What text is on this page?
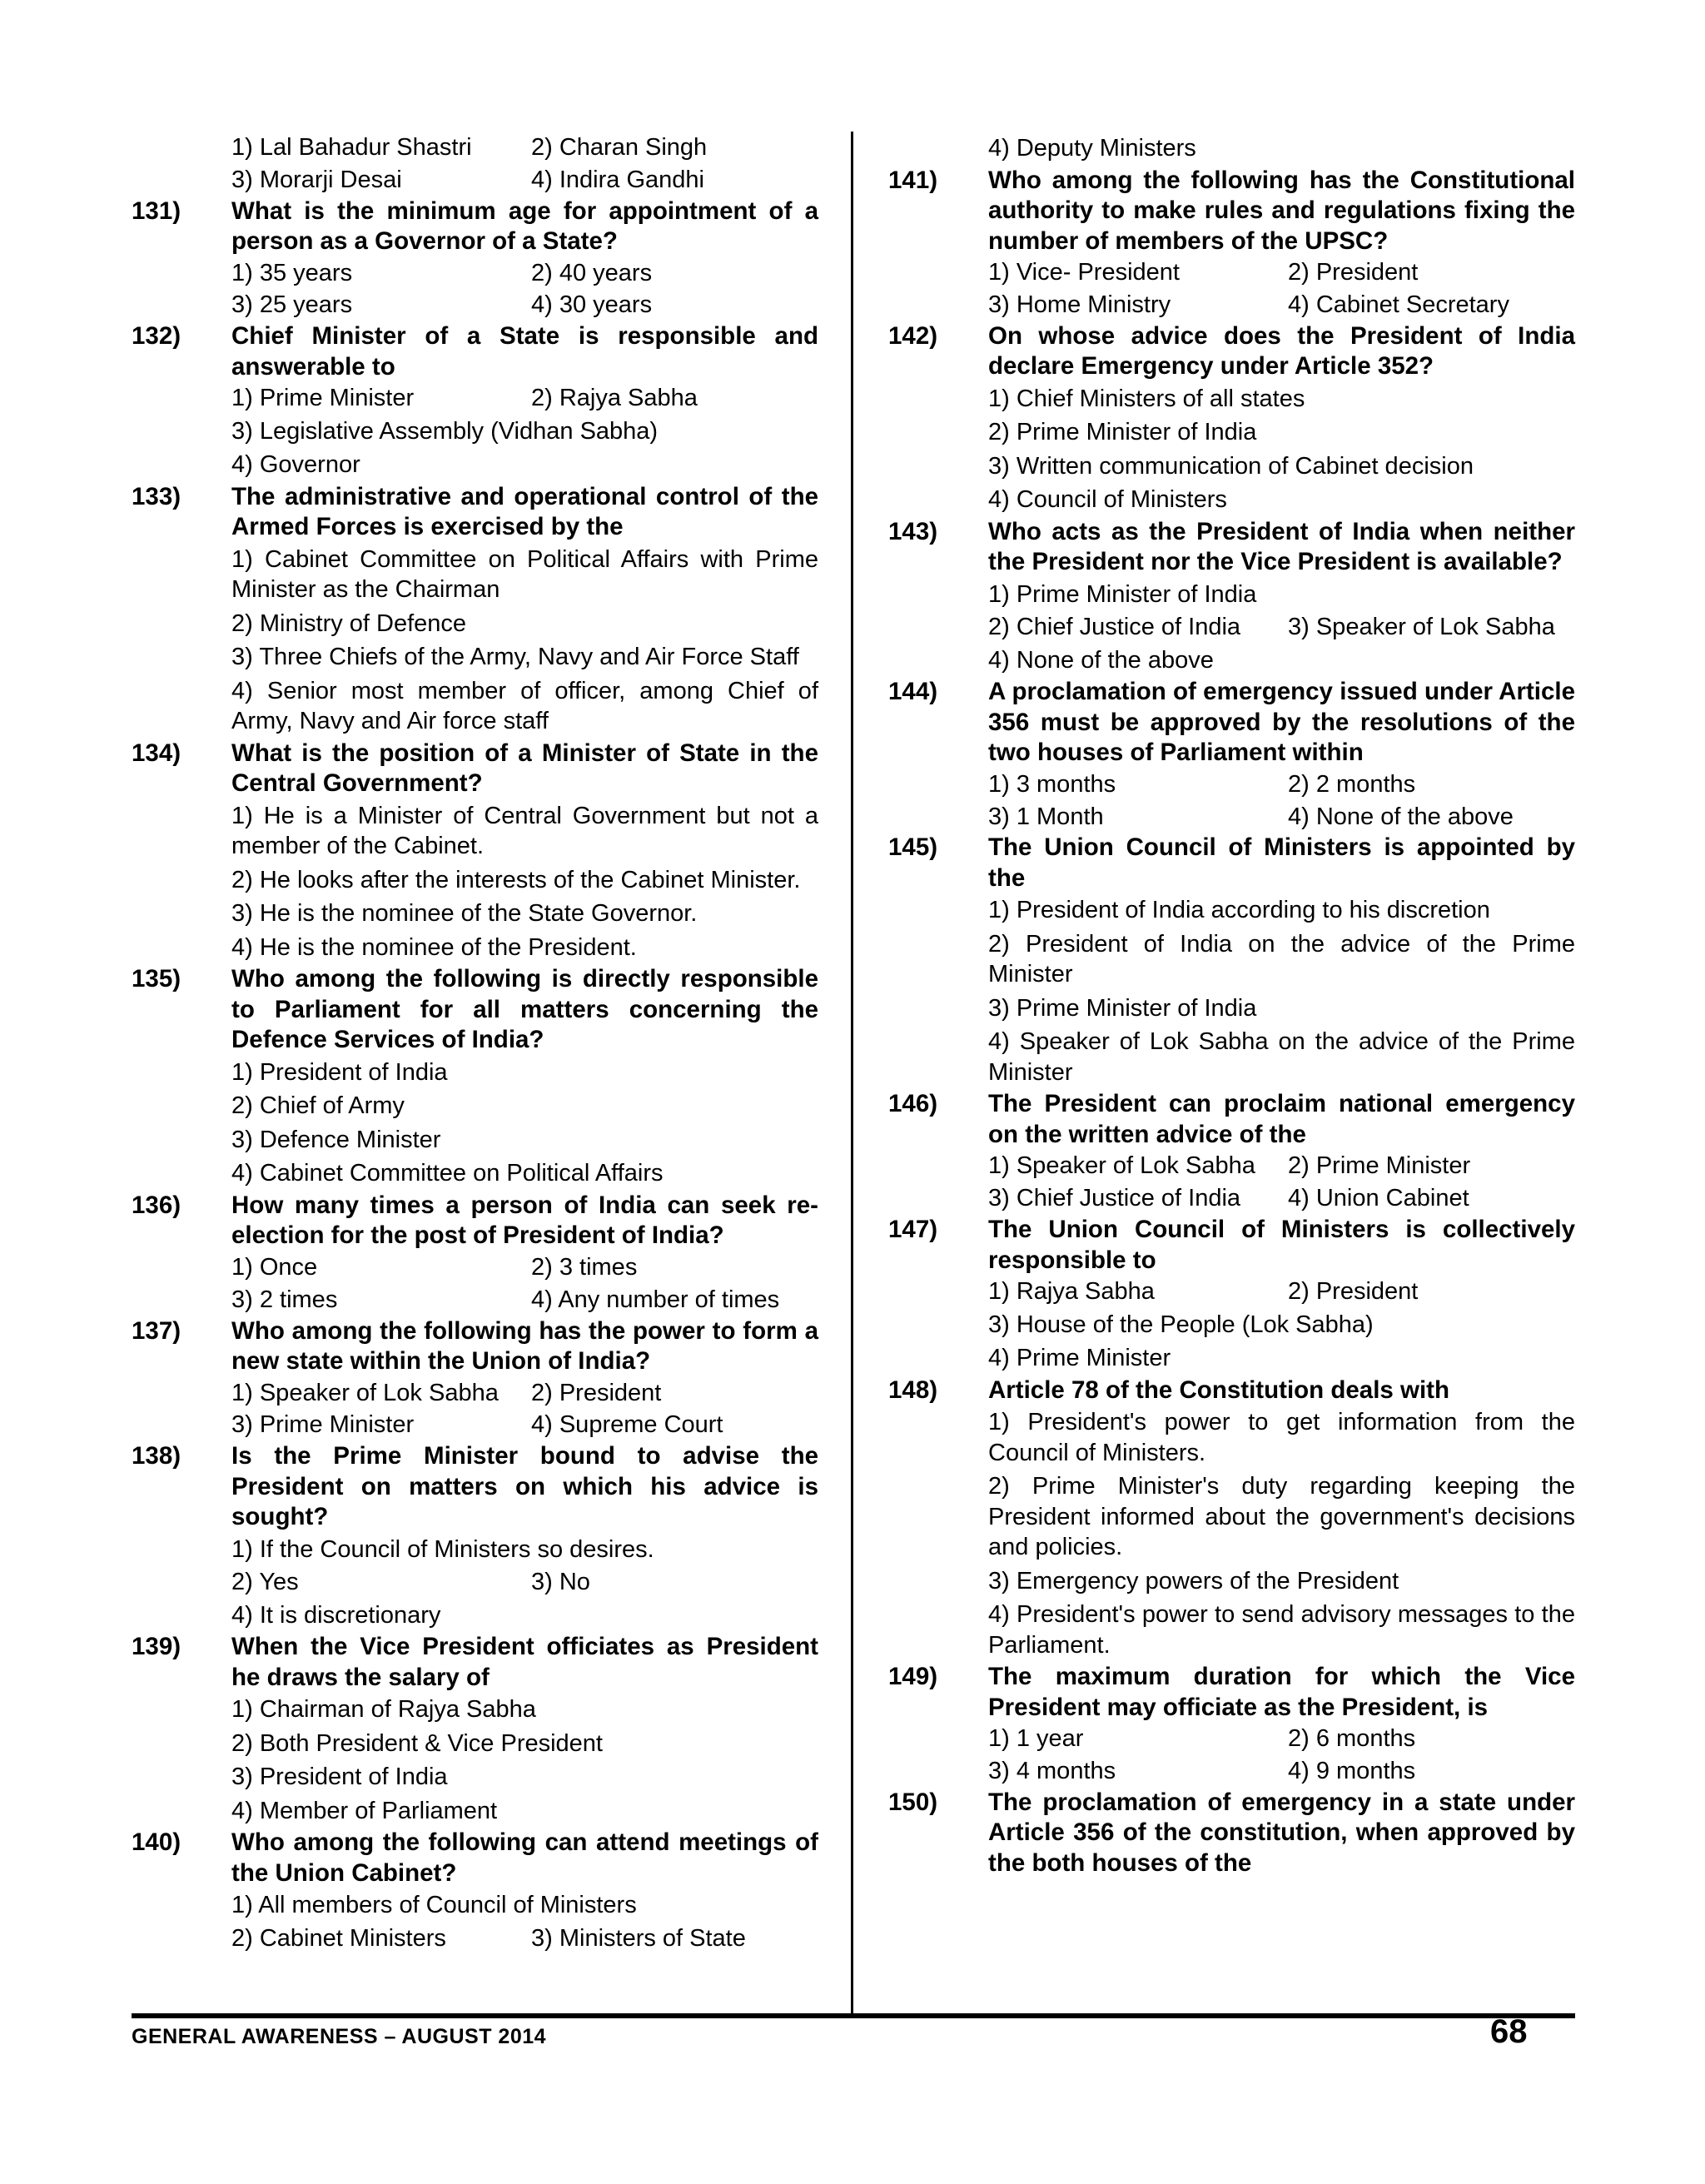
1) Lal Bahadur Shastri	2) Charan Singh
3) Morarji Desai	4) Indira Gandhi
131) What is the minimum age for appointment of a person as a Governor of a State?
1) 35 years	2) 40 years
3) 25 years	4) 30 years
132) Chief Minister of a State is responsible and answerable to
1) Prime Minister	2) Rajya Sabha
3) Legislative Assembly (Vidhan Sabha)
4) Governor
133) The administrative and operational control of the Armed Forces is exercised by the
1) Cabinet Committee on Political Affairs with Prime Minister as the Chairman
2) Ministry of Defence
3) Three Chiefs of the Army, Navy and Air Force Staff
4) Senior most member of officer, among Chief of Army, Navy and Air force staff
134) What is the position of a Minister of State in the Central Government?
1) He is a Minister of Central Government but not a member of the Cabinet.
2) He looks after the interests of the Cabinet Minister.
3) He is the nominee of the State Governor.
4) He is the nominee of the President.
135) Who among the following is directly responsible to Parliament for all matters concerning the Defence Services of India?
1) President of India
2) Chief of Army
3) Defence Minister
4) Cabinet Committee on Political Affairs
136) How many times a person of India can seek re-election for the post of President of India?
1) Once	2) 3 times
3) 2 times	4) Any number of times
137) Who among the following has the power to form a new state within the Union of India?
1) Speaker of Lok Sabha	2) President
3) Prime Minister	4) Supreme Court
138) Is the Prime Minister bound to advise the President on matters on which his advice is sought?
1) If the Council of Ministers so desires.
2) Yes	3) No
4) It is discretionary
139) When the Vice President officiates as President he draws the salary of
1) Chairman of Rajya Sabha
2) Both President & Vice President
3) President of India
4) Member of Parliament
140) Who among the following can attend meetings of the Union Cabinet?
1) All members of Council of Ministers
2) Cabinet Ministers	3) Ministers of State
4) Deputy Ministers
141) Who among the following has the Constitutional authority to make rules and regulations fixing the number of members of the UPSC?
1) Vice- President	2) President
3) Home Ministry	4) Cabinet Secretary
142) On whose advice does the President of India declare Emergency under Article 352?
1) Chief Ministers of all states
2) Prime Minister of India
3) Written communication of Cabinet decision
4) Council of Ministers
143) Who acts as the President of India when neither the President nor the Vice President is available?
1) Prime Minister of India
2) Chief Justice of India	3) Speaker of Lok Sabha
4) None of the above
144) A proclamation of emergency issued under Article 356 must be approved by the resolutions of the two houses of Parliament within
1) 3 months	2) 2 months
3) 1 Month	4) None of the above
145) The Union Council of Ministers is appointed by the
1) President of India according to his discretion
2) President of India on the advice of the Prime Minister
3) Prime Minister of India
4) Speaker of Lok Sabha on the advice of the Prime Minister
146) The President can proclaim national emergency on the written advice of the
1) Speaker of Lok Sabha	2) Prime Minister
3) Chief Justice of India	4) Union Cabinet
147) The Union Council of Ministers is collectively responsible to
1) Rajya Sabha	2) President
3) House of the People (Lok Sabha)
4) Prime Minister
148) Article 78 of the Constitution deals with
1) President's power to get information from the Council of Ministers.
2) Prime Minister's duty regarding keeping the President informed about the government's decisions and policies.
3) Emergency powers of the President
4) President's power to send advisory messages to the Parliament.
149) The maximum duration for which the Vice President may officiate as the President, is
1) 1 year	2) 6 months
3) 4 months	4) 9 months
150) The proclamation of emergency in a state under Article 356 of the constitution, when approved by the both houses of the
GENERAL AWARENESS – AUGUST 2014	68
